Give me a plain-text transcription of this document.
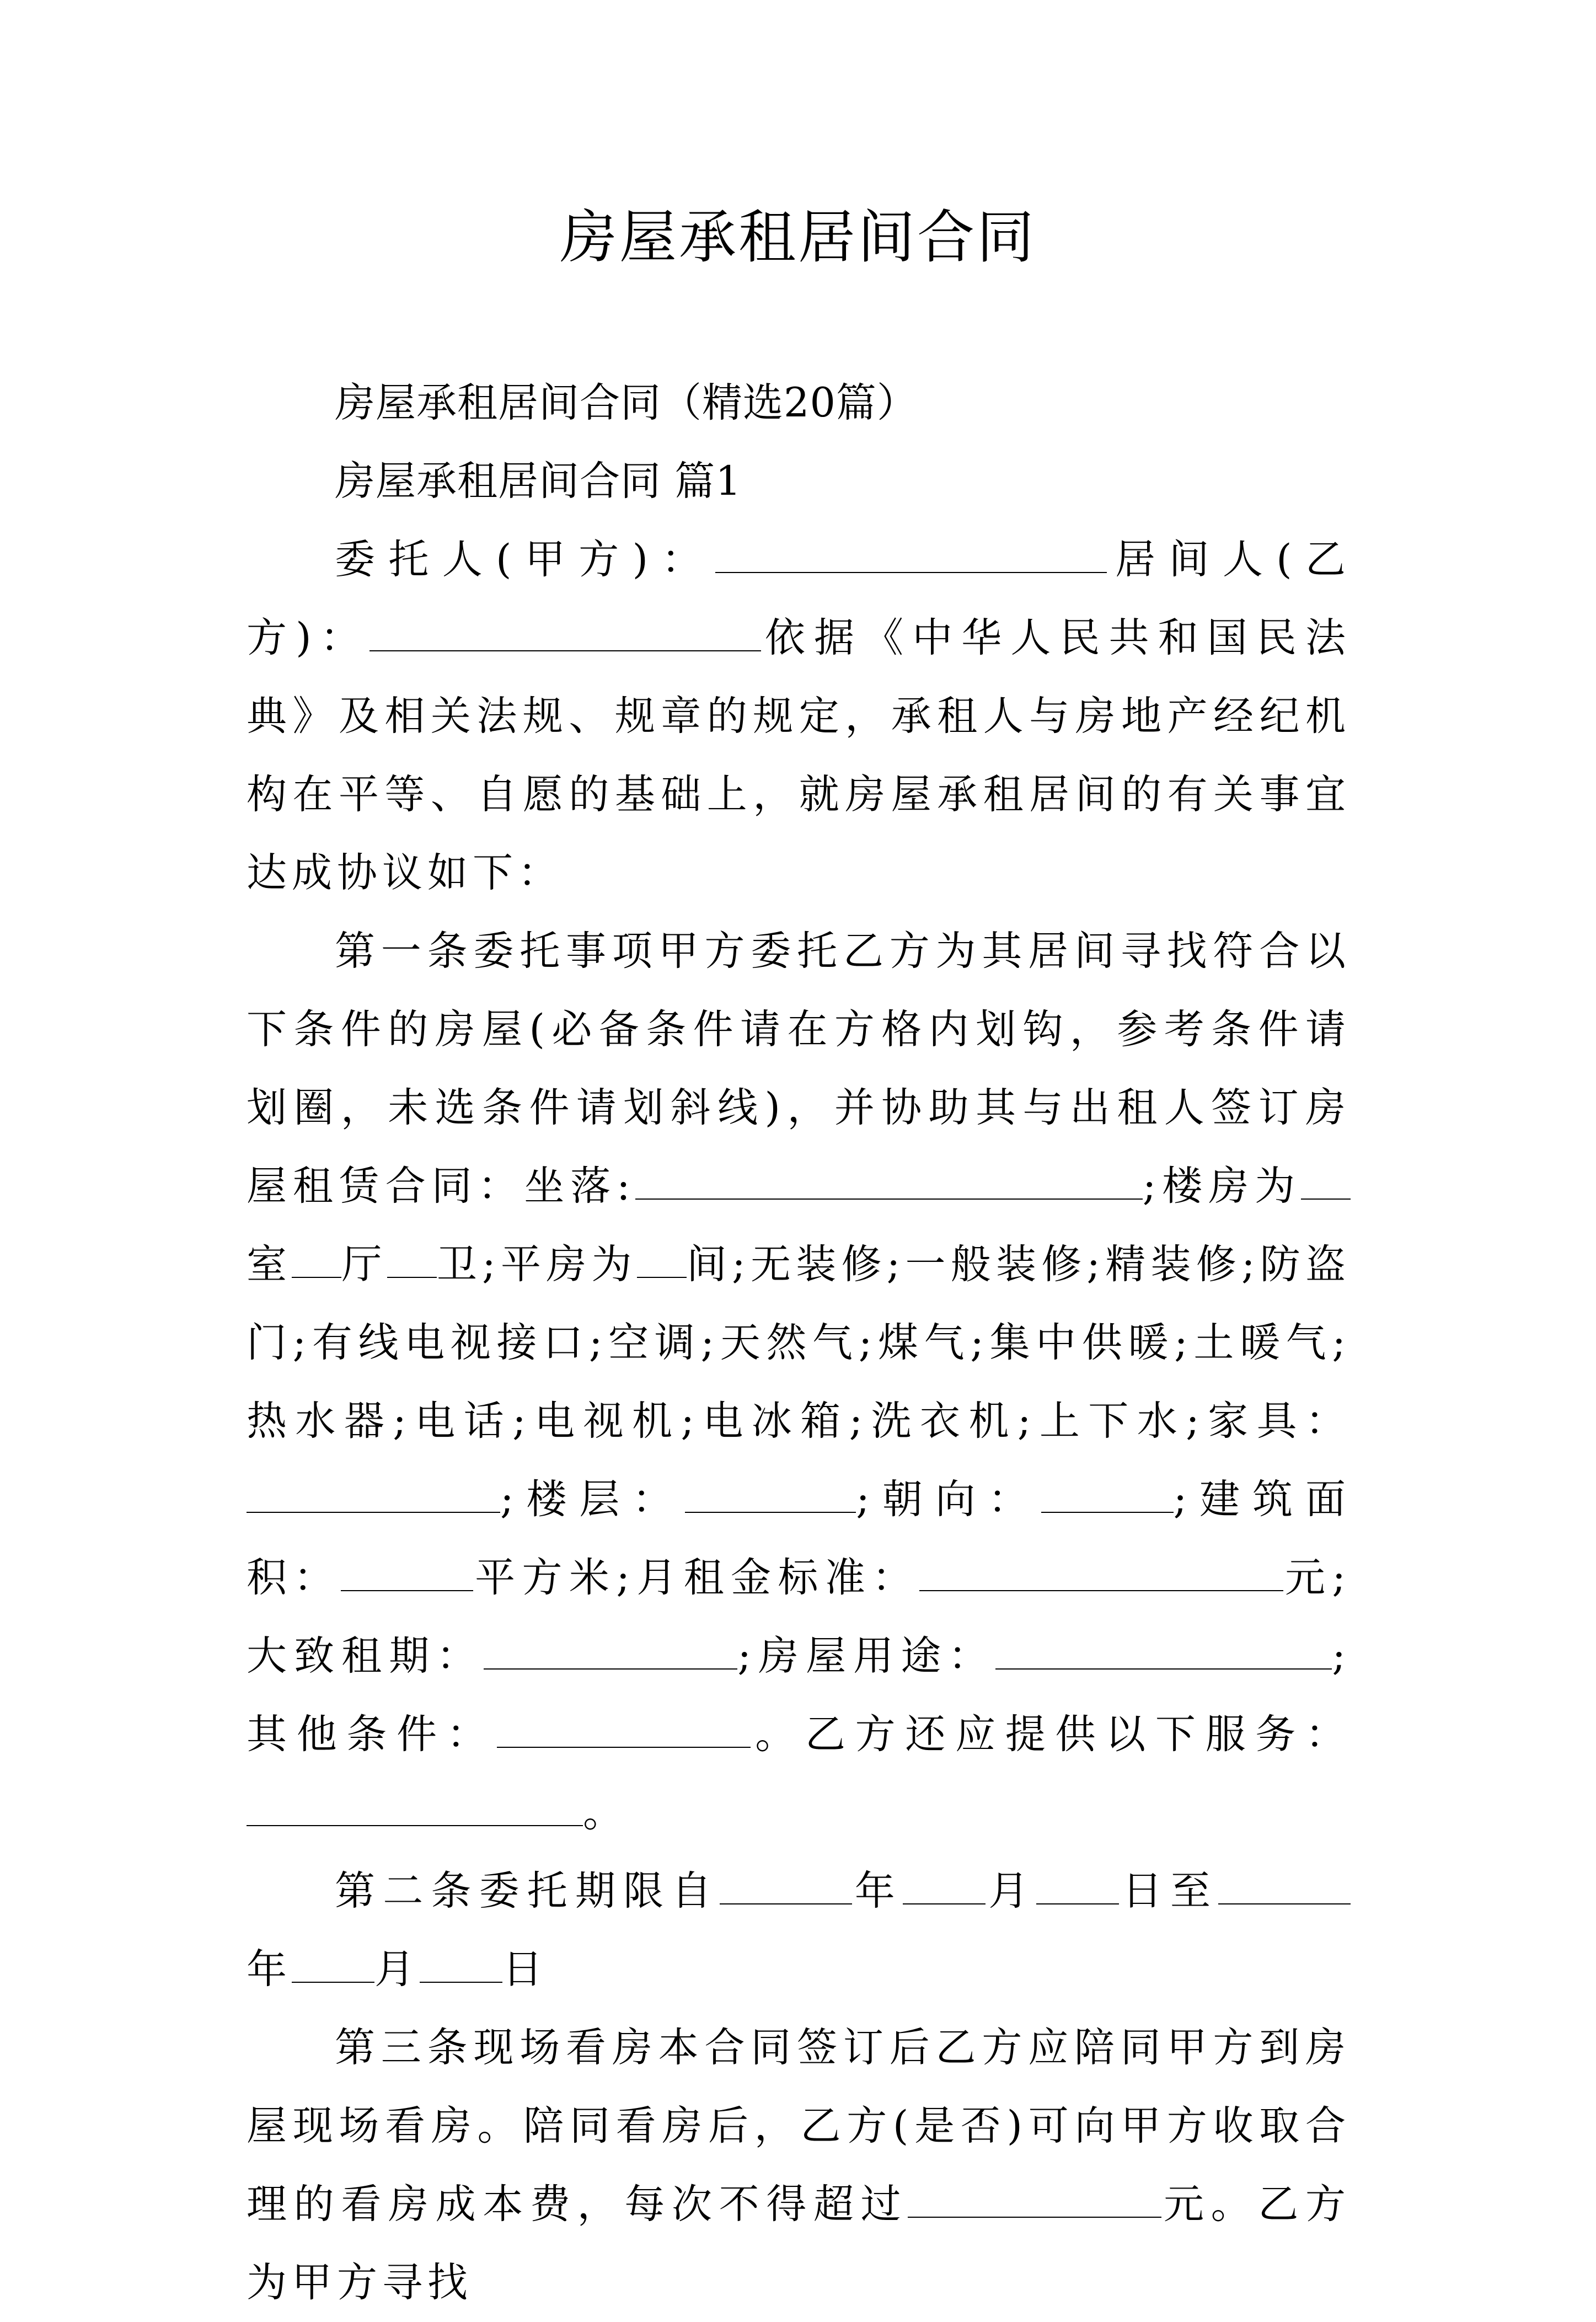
房屋承租居间合同

房屋承租居间合同（精选20篇）

房屋承租居间合同 篇1

委托人(甲方)：	居间人(乙方)：	依据《中华人民共和国民法典》及相关法规、规章的规定，承租人与房地产经纪机构在平等、自愿的基础上，就房屋承租居间的有关事宜达成协议如下：

第一条委托事项甲方委托乙方为其居间寻找符合以下条件的房屋(必备条件请在方格内划钩，参考条件请划圈，未选条件请划斜线)，并协助其与出租人签订房屋租赁合同：坐落:	;楼房为室 厅 卫;平房为 间;无装修;一般装修;精装修;防盗门;有线电视接口;空调;天然气;煤气;集中供暖;土暖气;热水器;电话;电视机;电冰箱;洗衣机;上下水;家具：;楼层：	;朝向：	;建筑面积：	平方米;月租金标准：	元;大致租期：	;房屋用途：	;其他条件：	。乙方还应提供以下服务：。

第二条委托期限自	年 月 日至年 月 日

第三条现场看房本合同签订后乙方应陪同甲方到房屋现场看房。陪同看房后，乙方(是否)可向甲方收取合理的看房成本费，每次不得超过	元。乙方为甲方寻找
